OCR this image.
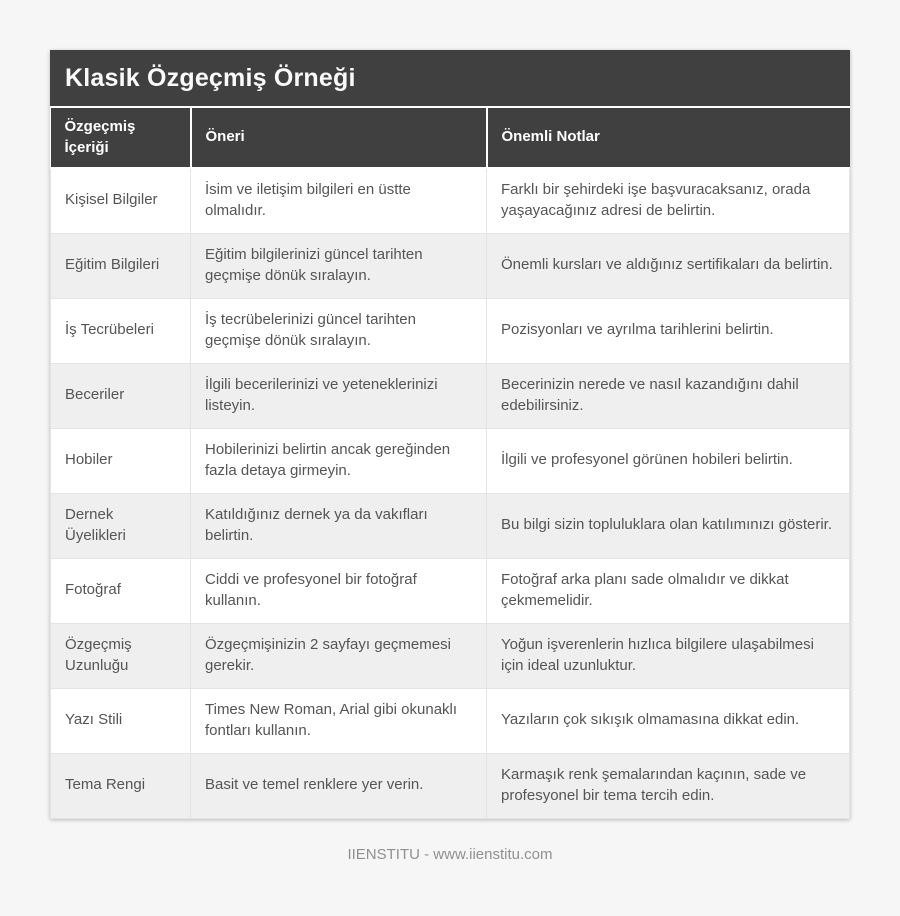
Klasik Özgeçmiş Örneği
Özgeçmiş İçeriği	Öneri	Önemli Notlar
Kişisel Bilgiler	İsim ve iletişim bilgileri en üstte olmalıdır.	Farklı bir şehirdeki işe başvuracaksanız, orada yaşayacağınız adresi de belirtin.
Eğitim Bilgileri	Eğitim bilgilerinizi güncel tarihten geçmişe dönük sıralayın.	Önemli kursları ve aldığınız sertifikaları da belirtin.
İş Tecrübeleri	İş tecrübelerinizi güncel tarihten geçmişe dönük sıralayın.	Pozisyonları ve ayrılma tarihlerini belirtin.
Beceriler	İlgili becerilerinizi ve yeteneklerinizi listeyin.	Becerinizin nerede ve nasıl kazandığını dahil edebilirsiniz.
Hobiler	Hobilerinizi belirtin ancak gereğinden fazla detaya girmeyin.	İlgili ve profesyonel görünen hobileri belirtin.
Dernek Üyelikleri	Katıldığınız dernek ya da vakıfları belirtin.	Bu bilgi sizin topluluklara olan katılımınızı gösterir.
Fotoğraf	Ciddi ve profesyonel bir fotoğraf kullanın.	Fotoğraf arka planı sade olmalıdır ve dikkat çekmemelidir.
Özgeçmiş Uzunluğu	Özgeçmişinizin 2 sayfayı geçmemesi gerekir.	Yoğun işverenlerin hızlıca bilgilere ulaşabilmesi için ideal uzunluktur.
Yazı Stili	Times New Roman, Arial gibi okunaklı fontları kullanın.	Yazıların çok sıkışık olmamasına dikkat edin.
Tema Rengi	Basit ve temel renklere yer verin.	Karmaşık renk şemalarından kaçının, sade ve profesyonel bir tema tercih edin.
IIENSTITU - www.iienstitu.com
